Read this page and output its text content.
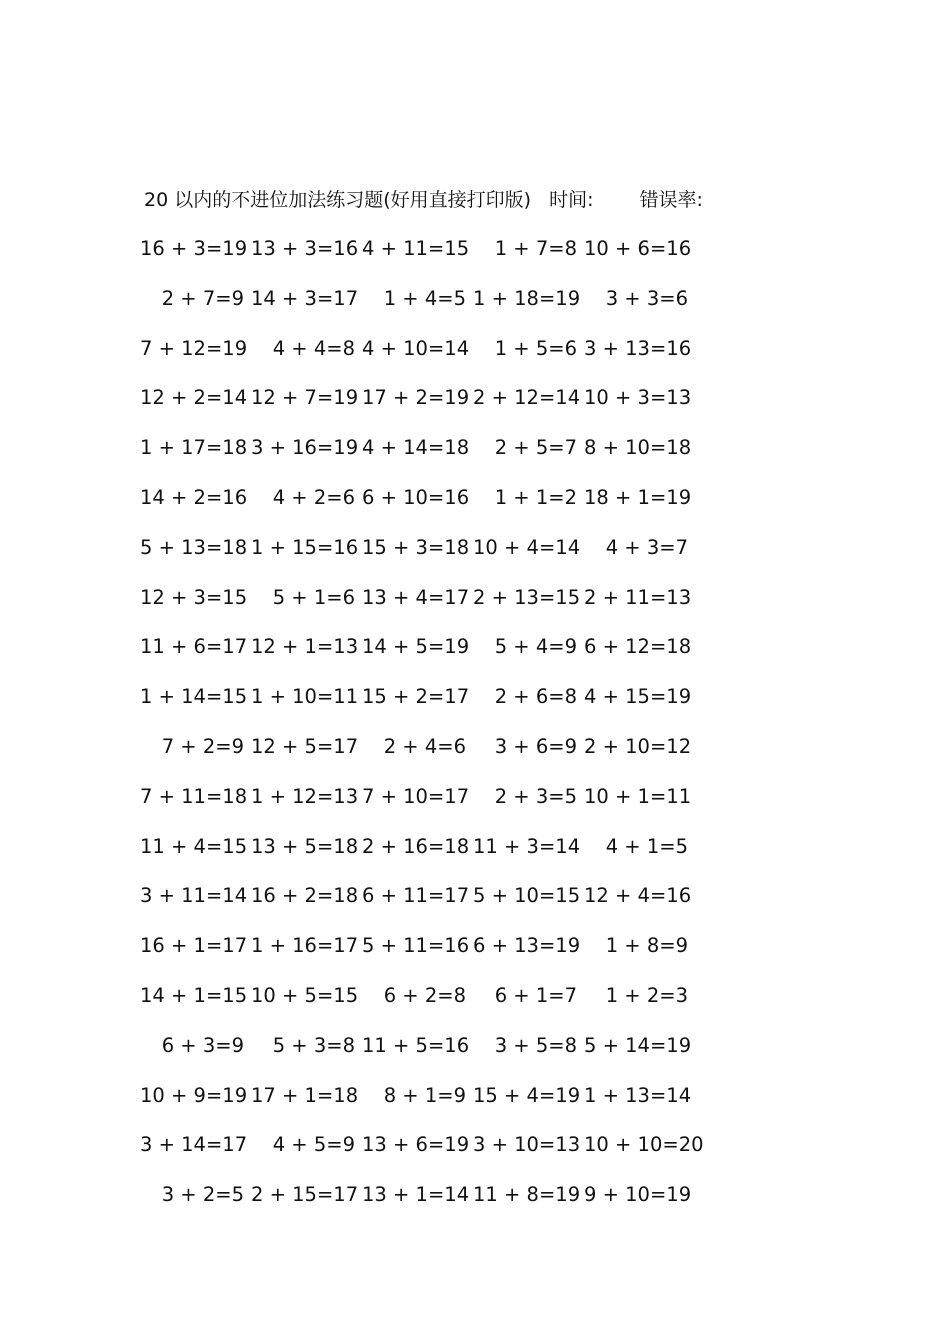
20 以内的不进位加法练习题(好用直接打印版) 时间: 错误率:
16 + 3=19 13 + 3=16 4 + 11=15	1 + 7=8 10 + 6=16
2 + 7=9 14 + 3=17	1 + 4=5 1 + 18=19	3 + 3=6
7 + 12=19	4 + 4=8 4 + 10=14	1 + 5=6 3 + 13=16
12 + 2=14 12 + 7=19 17 + 2=19 2 + 12=14 10 + 3=13
1 + 17=18 3 + 16=19 4 + 14=18	2 + 5=7 8 + 10=18
14 + 2=16	4 + 2=6 6 + 10=16	1 + 1=2 18 + 1=19
5 + 13=18 1 + 15=16 15 + 3=18 10 + 4=14	4 + 3=7
12 + 3=15	5 + 1=6 13 + 4=17 2 + 13=15 2 + 11=13
11 + 6=17 12 + 1=13 14 + 5=19	5 + 4=9 6 + 12=18
1 + 14=15 1 + 10=11 15 + 2=17	2 + 6=8 4 + 15=19
7 + 2=9 12 + 5=17	2 + 4=6	3 + 6=9 2 + 10=12
7 + 11=18 1 + 12=13 7 + 10=17	2 + 3=5 10 + 1=11
11 + 4=15 13 + 5=18 2 + 16=18 11 + 3=14	4 + 1=5
3 + 11=14 16 + 2=18 6 + 11=17 5 + 10=15 12 + 4=16
16 + 1=17 1 + 16=17 5 + 11=16 6 + 13=19	1 + 8=9
14 + 1=15 10 + 5=15	6 + 2=8	6 + 1=7	1 + 2=3
6 + 3=9	5 + 3=8 11 + 5=16	3 + 5=8 5 + 14=19
10 + 9=19 17 + 1=18	8 + 1=9 15 + 4=19 1 + 13=14
3 + 14=17	4 + 5=9 13 + 6=19 3 + 10=13 10 + 10=20
3 + 2=5 2 + 15=17 13 + 1=14 11 + 8=19 9 + 10=19
